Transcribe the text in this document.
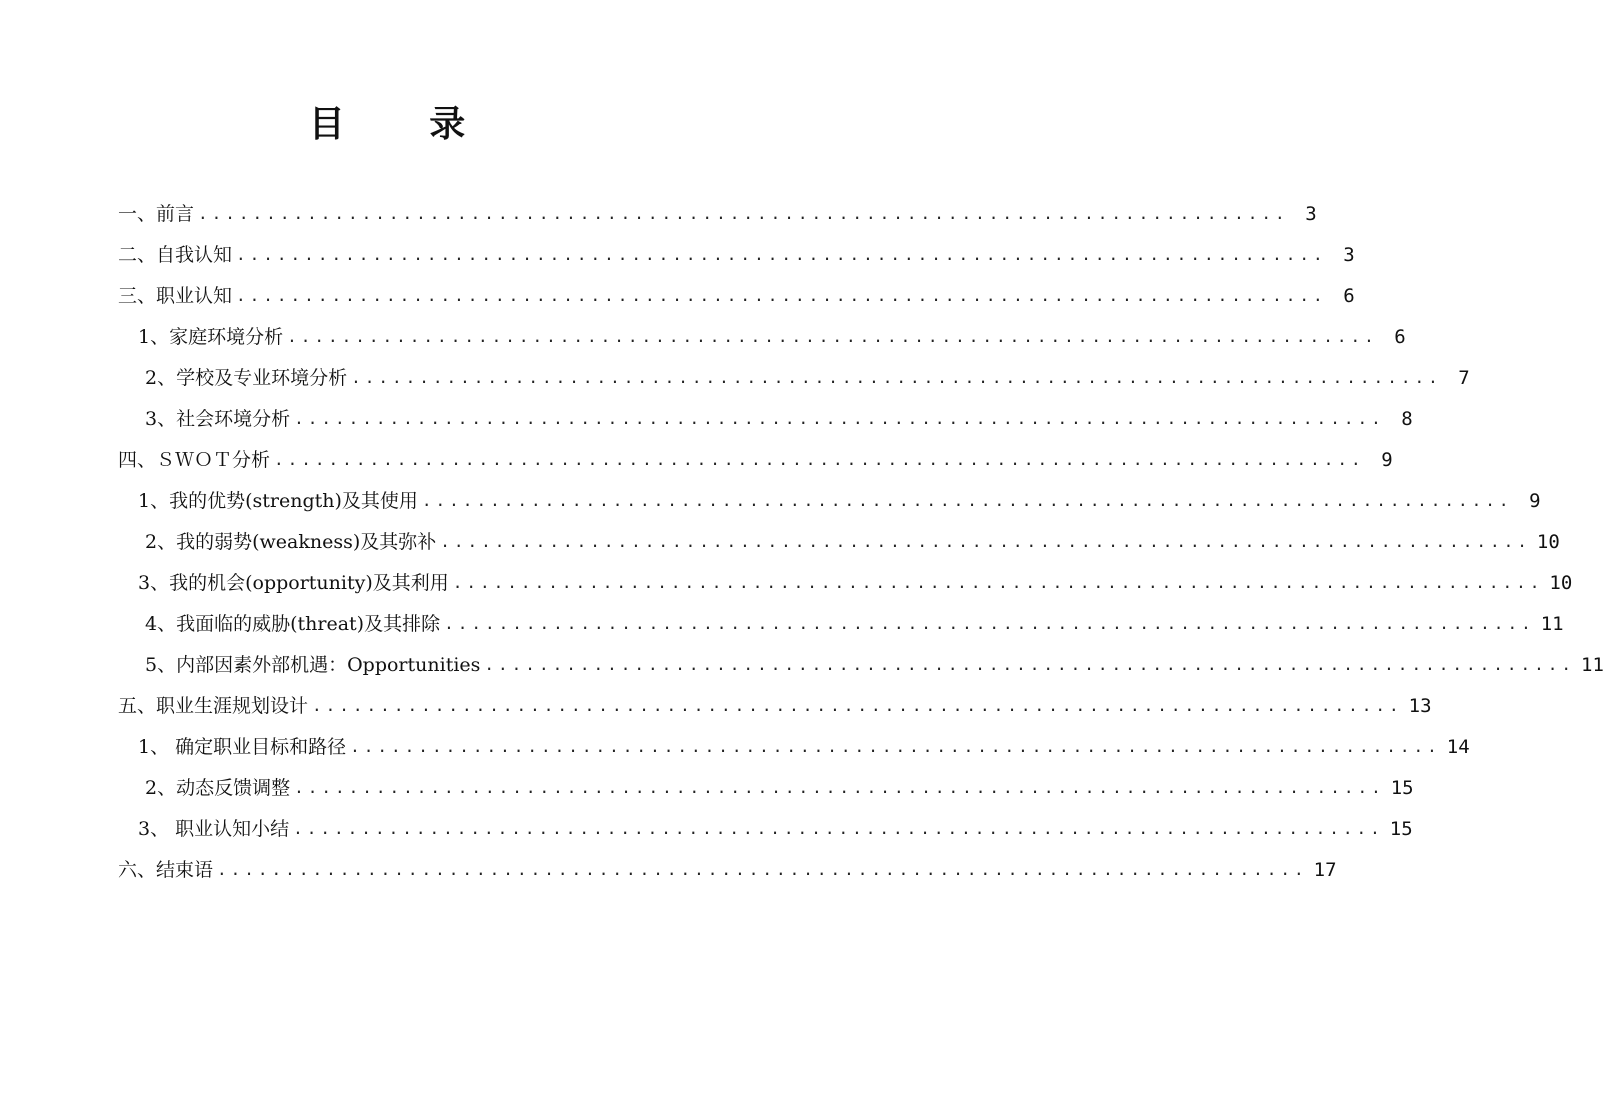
目 录
一、前言 ................................................................................ 3
二、自我认知 ................................................................................ 3
三、职业认知 ................................................................................ 6
1、家庭环境分析 ................................................................................ 6
2、学校及专业环境分析 ................................................................................ 7
3、社会环境分析 ................................................................................ 8
四、ＳＷＯＴ分析 ................................................................................ 9
1、我的优势(strength)及其使用 ................................................................................ 9
2、我的弱势(weakness)及其弥补 ................................................................................ 10
3、我的机会(opportunity)及其利用 ................................................................................ 10
4、我面临的威胁(threat)及其排除 ................................................................................ 11
5、内部因素外部机遇：Opportunities ................................................................................ 11
五、职业生涯规划设计 ................................................................................ 13
1、 确定职业目标和路径 ................................................................................ 14
2、动态反馈调整 ................................................................................ 15
3、 职业认知小结 ................................................................................ 15
六、结束语 ................................................................................ 17
